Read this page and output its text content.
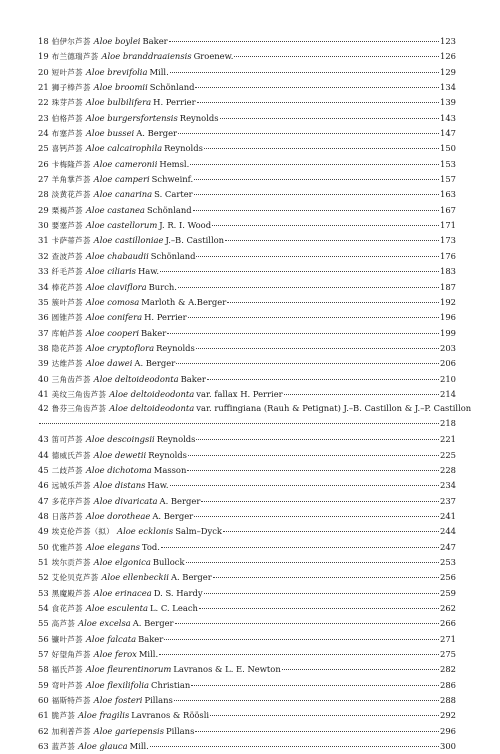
18 伯伊尔芦荟 Aloe boylei Baker	123
19 布兰德瑞芦荟 Aloe branddraaiensis Groenew.	126
20 短叶芦荟 Aloe brevifolia Mill.	129
21 狮子棒芦荟 Aloe broomii Schönland	134
22 珠芽芦荟 Aloe bulbilifera H. Perrier	139
23 伯格芦荟 Aloe burgersfortensis Reynolds	143
24 布塞芦荟 Aloe bussei A. Berger	147
25 喜钙芦荟 Aloe calcairophila Reynolds	150
26 卡梅隆芦荟 Aloe cameronii Hemsl.	153
27 羊角掌芦荟 Aloe camperi Schweinf.	157
28 淡黄花芦荟 Aloe canarina S. Carter	163
29 栗褐芦荟 Aloe castanea Schönland	167
30 要塞芦荟 Aloe castellorum J. R. I. Wood	171
31 卡萨蒂芦荟 Aloe castilloniae J.–B. Castillon	173
32 查波芦荟 Aloe chabaudii Schönland	176
33 纤毛芦荟 Aloe ciliaris Haw.	183
34 棒花芦荟 Aloe claviflora Burch.	187
35 簇叶芦荟 Aloe comosa Marloth & A.Berger	192
36 圆锥芦荟 Aloe conifera H. Perrier	196
37 库帕芦荟 Aloe cooperi Baker	199
38 隐花芦荟 Aloe cryptoflora Reynolds	203
39 达维芦荟 Aloe dawei A. Berger	206
40 三角齿芦荟 Aloe deltoideodonta Baker	210
41 美纹三角齿芦荟 Aloe deltoideodonta var. fallax H. Perrier	214
42 鲁芬三角齿芦荟 Aloe deltoideodonta var. ruffingiana (Rauh & Petignat) J.–B. Castillon & J.–P. Castillon
218
43 笛可芦荟 Aloe descoingsii Reynolds	221
44 德威氏芦荟 Aloe dewetii Reynolds	225
45 二歧芦荟 Aloe dichotoma Masson	228
46 远城乐芦荟 Aloe distans Haw.	234
47 多花序芦荟 Aloe divaricata A. Berger	237
48 日落芦荟 Aloe dorotheae A. Berger	241
49 埃克伦芦荟（拟） Aloe ecklonis Salm–Dyck	244
50 优雅芦荟 Aloe elegans Tod.	247
51 埃尔贡芦荟 Aloe elgonica Bullock	253
52 艾伦贝克芦荟 Aloe ellenbeckii A. Berger	256
53 黑魔殿芦荟 Aloe erinacea D. S. Hardy	259
54 食花芦荟 Aloe esculenta L. C. Leach	262
55 高芦荟 Aloe excelsa A. Berger	266
56 镰叶芦荟 Aloe falcata Baker	271
57 好望角芦荟 Aloe ferox Mill.	275
58 福氏芦荟 Aloe fleurentinorum Lavranos & L. E. Newton	282
59 弯叶芦荟 Aloe flexilifolia Christian	286
60 福斯特芦荟 Aloe fosteri Pillans	288
61 脆芦荟 Aloe fragilis Lavranos & Röösli	292
62 加利普芦荟 Aloe gariepensis Pillans	296
63 蓝芦荟 Aloe glauca Mill.	300
